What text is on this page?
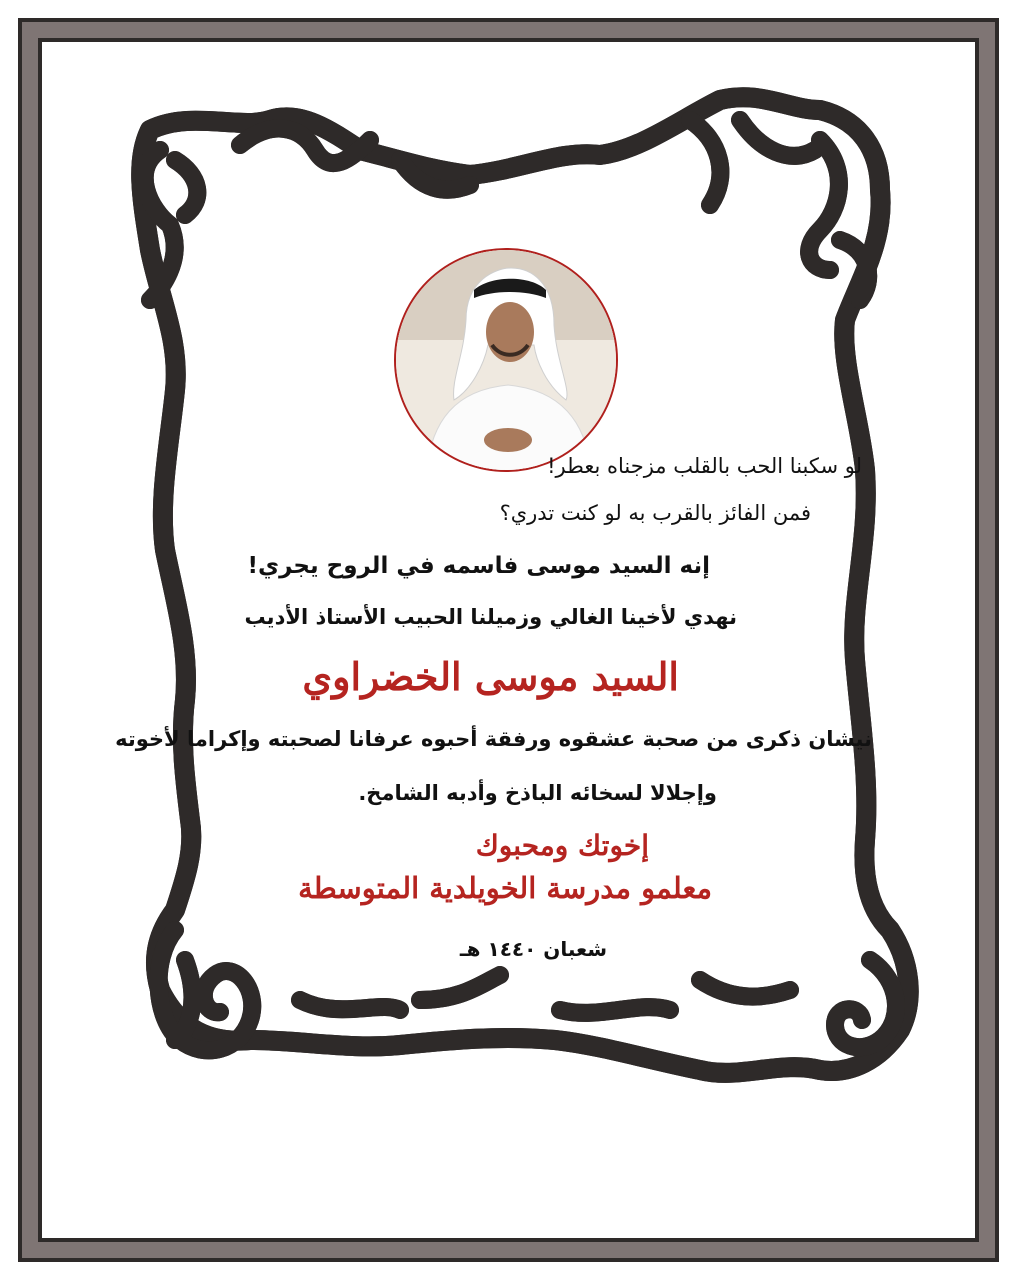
لو سكبنا الحب بالقلب مزجناه بعطر!
فمن الفائز بالقرب به لو كنت تدري؟
إنه السيد موسى فاسمه في الروح يجري!
نهدي لأخينا الغالي وزميلنا الحبيب الأستاذ الأديب
السيد موسى الخضراوي
نيشان ذكرى من صحبة عشقوه ورفقة أحبوه عرفانا لصحبته وإكراما لأخوته
وإجلالا لسخائه الباذخ وأدبه الشامخ.
إخوتك ومحبوك
معلمو مدرسة الخويلدية المتوسطة
شعبان ١٤٤٠ هـ
